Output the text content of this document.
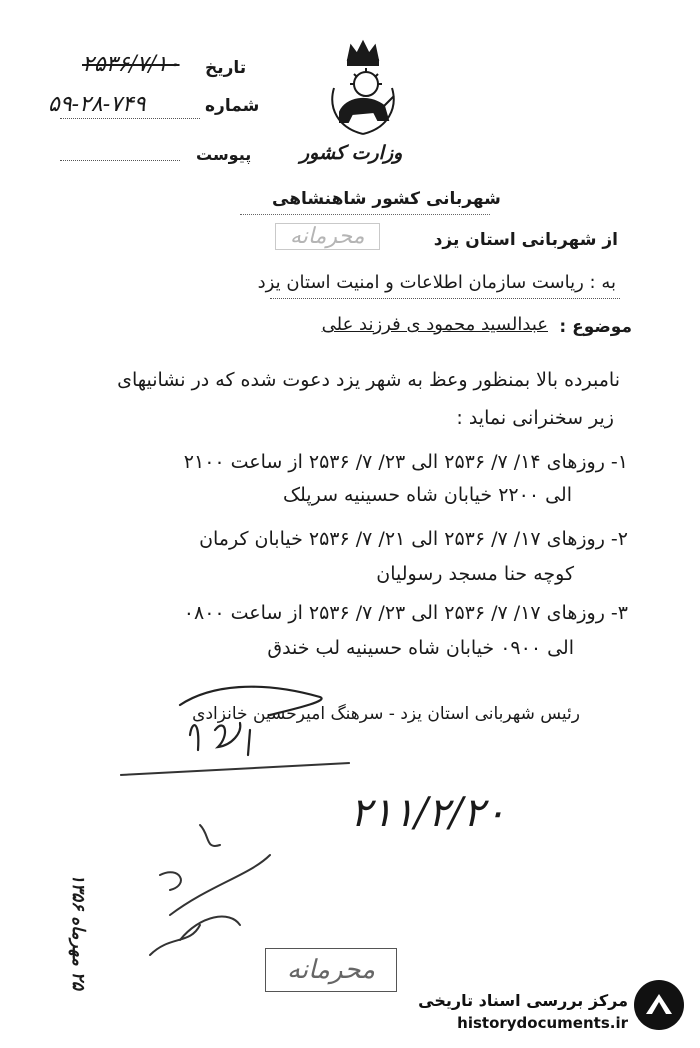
تاریخ
۲۵۳۶/۷/۱۰
شماره
۵۹-۲۸-۷۴۹
پیوست	وزارت کشور
شهربانی کشور شاهنشاهی
از شهربانی استان یزد
محرمانه
به : ریاست سازمان اطلاعات و امنیت استان یزد
موضوع :
عبدالسید محمود ی فرزند علی
نامبرده بالا بمنظور وعظ به شهر یزد دعوت شده که در نشانیهای
زیر سخنرانی نماید :
۱- روزهای ۱۴/ ۷/ ۲۵۳۶ الی ۲۳/ ۷/ ۲۵۳۶ از ساعت ۲۱۰۰
الی ۲۲۰۰ خیابان شاه حسینیه سرپلک
۲- روزهای ۱۷/ ۷/ ۲۵۳۶ الی ۲۱/ ۷/ ۲۵۳۶ خیابان کرمان
کوچه حنا مسجد رسولیان
۳- روزهای ۱۷/ ۷/ ۲۵۳۶ الی ۲۳/ ۷/ ۲۵۳۶ از ساعت ۰۸۰۰
الی ۰۹۰۰ خیابان شاه حسینیه لب خندق
رئیس شهربانی استان یزد - سرهنگ امیرحسین خانزادی
۲۱۱/۲/۲۰
۲۵ مهرماه ۱۳۵۶	محرمانه
مرکز بررسی اسناد تاریخی
historydocuments.ir
